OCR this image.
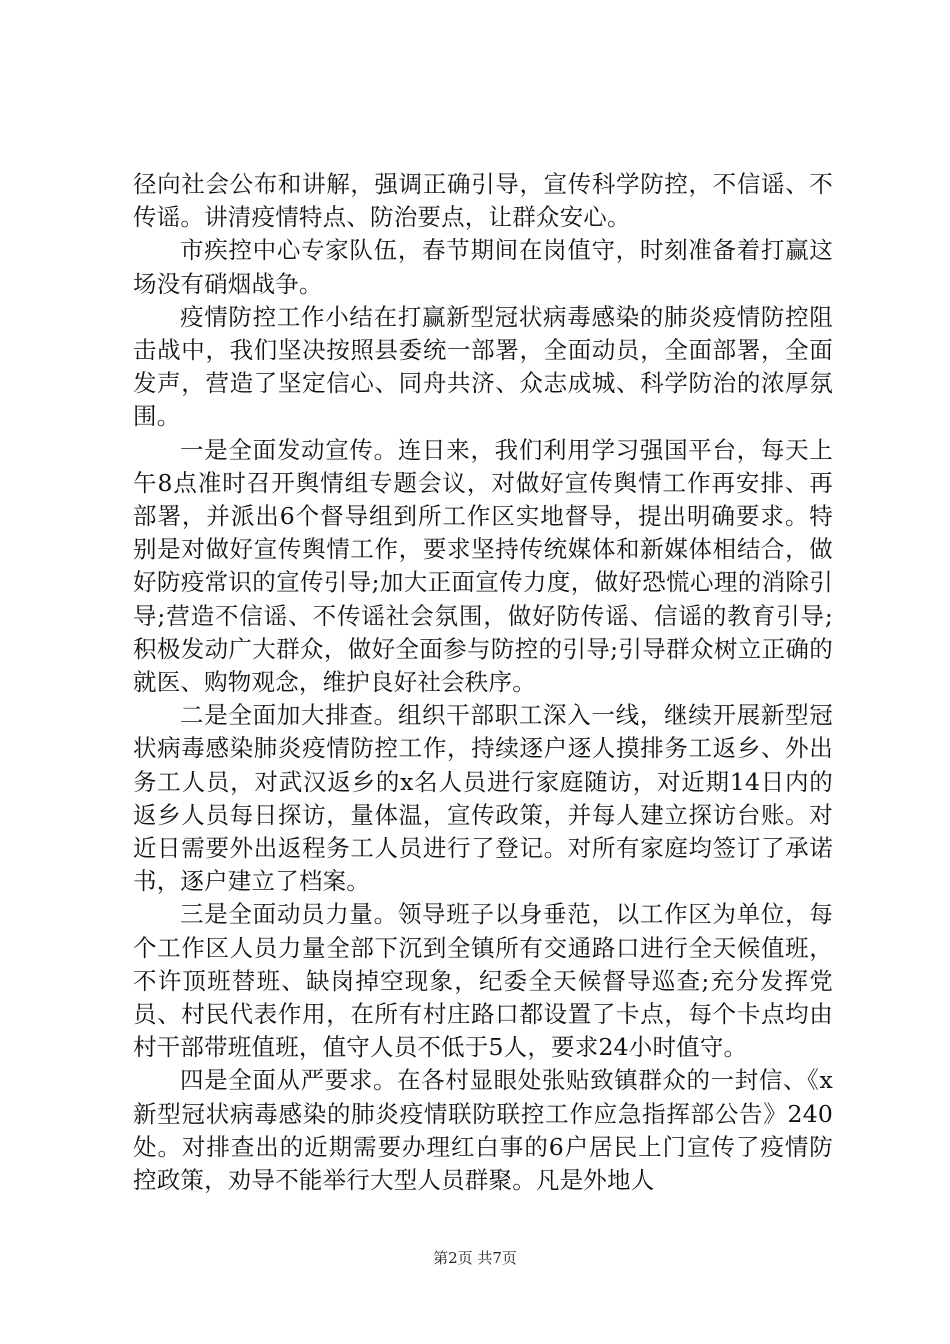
径向社会公布和讲解，强调正确引导，宣传科学防控，不信谣、不传谣。讲清疫情特点、防治要点，让群众安心。

市疾控中心专家队伍，春节期间在岗值守，时刻准备着打赢这场没有硝烟战争。

疫情防控工作小结在打赢新型冠状病毒感染的肺炎疫情防控阻击战中，我们坚决按照县委统一部署，全面动员，全面部署，全面发声，营造了坚定信心、同舟共济、众志成城、科学防治的浓厚氛围。

一是全面发动宣传。连日来，我们利用学习强国平台，每天上午8点准时召开舆情组专题会议，对做好宣传舆情工作再安排、再部署，并派出6个督导组到所工作区实地督导，提出明确要求。特别是对做好宣传舆情工作，要求坚持传统媒体和新媒体相结合，做好防疫常识的宣传引导;加大正面宣传力度，做好恐慌心理的消除引导;营造不信谣、不传谣社会氛围，做好防传谣、信谣的教育引导;积极发动广大群众，做好全面参与防控的引导;引导群众树立正确的就医、购物观念，维护良好社会秩序。

二是全面加大排查。组织干部职工深入一线，继续开展新型冠状病毒感染肺炎疫情防控工作，持续逐户逐人摸排务工返乡、外出务工人员，对武汉返乡的x名人员进行家庭随访，对近期14日内的返乡人员每日探访，量体温，宣传政策，并每人建立探访台账。对近日需要外出返程务工人员进行了登记。对所有家庭均签订了承诺书，逐户建立了档案。

三是全面动员力量。领导班子以身垂范，以工作区为单位，每个工作区人员力量全部下沉到全镇所有交通路口进行全天候值班，不许顶班替班、缺岗掉空现象，纪委全天候督导巡查;充分发挥党员、村民代表作用，在所有村庄路口都设置了卡点，每个卡点均由村干部带班值班，值守人员不低于5人，要求24小时值守。

四是全面从严要求。在各村显眼处张贴致镇群众的一封信、《x新型冠状病毒感染的肺炎疫情联防联控工作应急指挥部公告》240处。对排查出的近期需要办理红白事的6户居民上门宣传了疫情防控政策，劝导不能举行大型人员群聚。凡是外地人

第2页 共7页
